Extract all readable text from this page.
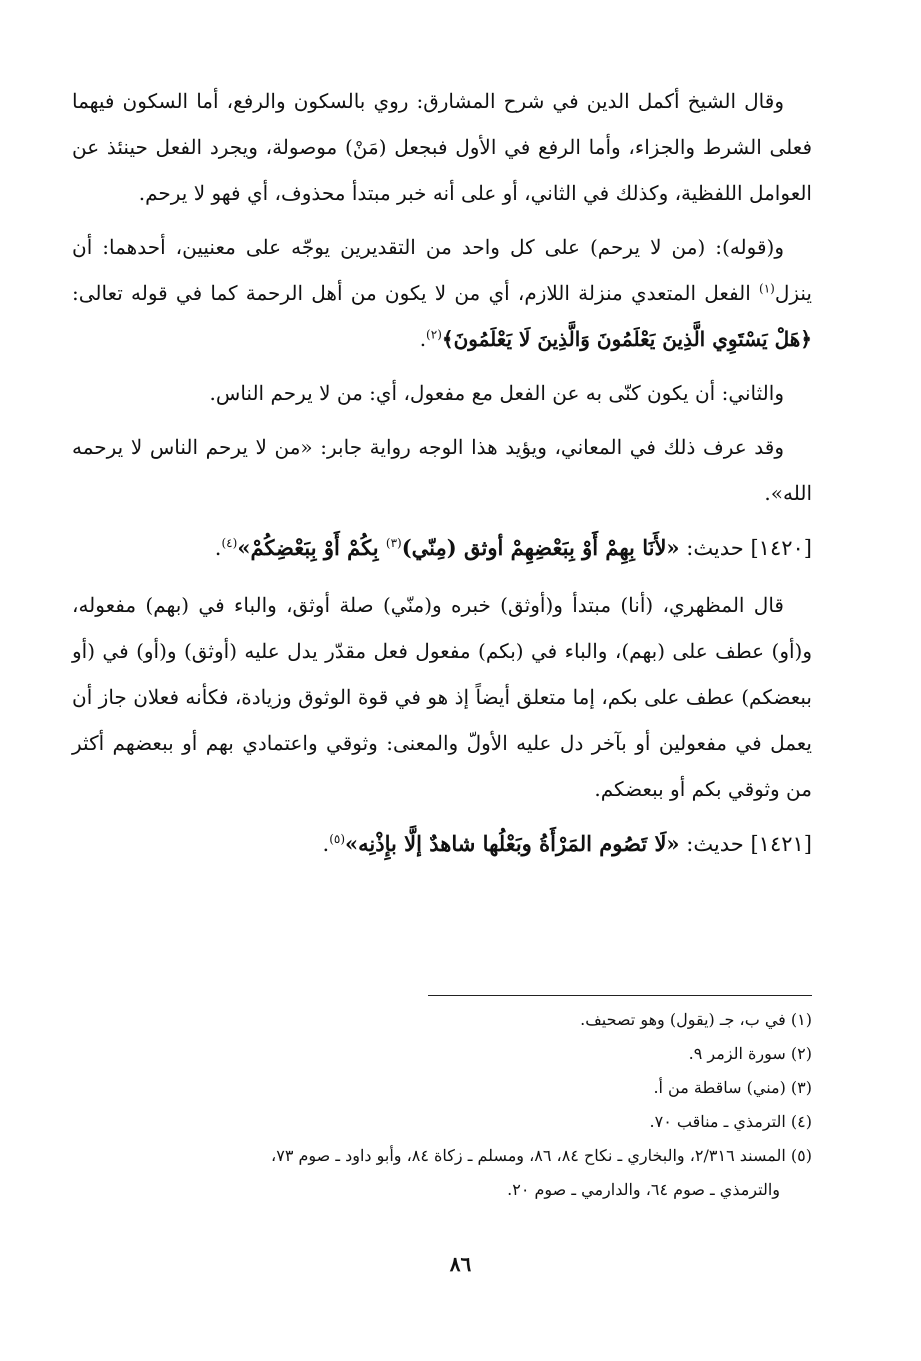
وقال الشيخ أكمل الدين في شرح المشارق: روي بالسكون والرفع، أما السكون فيهما فعلى الشرط والجزاء، وأما الرفع في الأول فبجعل (مَنْ) موصولة، ويجرد الفعل حينئذ عن العوامل اللفظية، وكذلك في الثاني، أو على أنه خبر مبتدأ محذوف، أي فهو لا يرحم.

و(قوله): (من لا يرحم) على كل واحد من التقديرين يوجّه على معنيين، أحدهما: أن ينزل$^{(١)}$ الفعل المتعدي منزلة اللازم، أي من لا يكون من أهل الرحمة كما في قوله تعالى: ﴿هَلْ يَسْتَوِي الَّذِينَ يَعْلَمُونَ وَالَّذِينَ لَا يَعْلَمُونَ﴾$^{(٢)}$.

والثاني: أن يكون كنّى به عن الفعل مع مفعول، أي: من لا يرحم الناس.

وقد عرف ذلك في المعاني، ويؤيد هذا الوجه رواية جابر: «من لا يرحم الناس لا يرحمه الله».

[١٤٢٠] حديث: «لأَنَا بِهِمْ أَوْ بِبَعْضِهِمْ أوثق (مِنّي)$^{(٣)}$ بِكُمْ أَوْ بِبَعْضِكُمْ»$^{(٤)}$.

قال المظهري، (أنا) مبتدأ و(أوثق) خبره و(منّي) صلة أوثق، والباء في (بهم) مفعوله، و(أو) عطف على (بهم)، والباء في (بكم) مفعول فعل مقدّر يدل عليه (أوثق) و(أو) في (أو ببعضكم) عطف على بكم، إما متعلق أيضاً إذ هو في قوة الوثوق وزيادة، فكأنه فعلان جاز أن يعمل في مفعولين أو بآخر دل عليه الأولّ والمعنى: وثوقي واعتمادي بهم أو ببعضهم أكثر من وثوقي بكم أو ببعضكم.

[١٤٢١] حديث: «لَا تَصُوم المَرْأَةُ وبَعْلُها شاهدٌ إلَّا بإِذْنِه»$^{(٥)}$.

(١) في ب، جـ (يقول) وهو تصحيف.

(٢) سورة الزمر ٩.

(٣) (مني) ساقطة من أ.

(٤) الترمذي ـ مناقب ٧٠.

(٥) المسند ٢/٣١٦، والبخاري ـ نكاح ٨٤، ٨٦، ومسلم ـ زكاة ٨٤، وأبو داود ـ صوم ٧٣،

والترمذي ـ صوم ٦٤، والدارمي ـ صوم ٢٠.

٨٦
